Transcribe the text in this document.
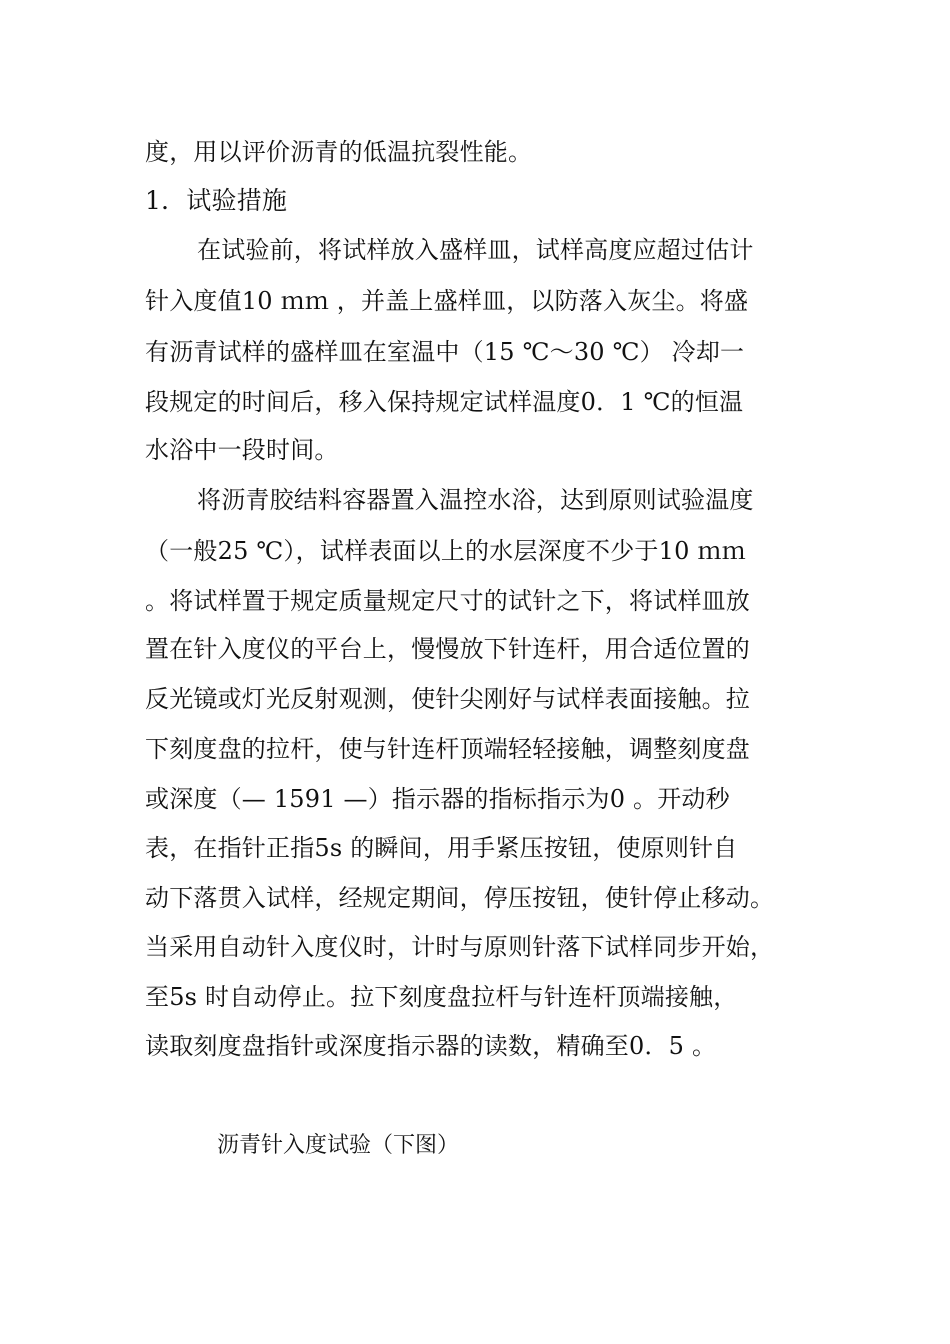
度，用以评价沥青的低温抗裂性能。
1．试验措施
在试验前，将试样放入盛样皿，试样高度应超过估计
针入度值10 ｍｍ ，并盖上盛样皿，以防落入灰尘。将盛
有沥青试样的盛样皿在室温中（15 ℃～30 ℃） 冷却一
段规定的时间后，移入保持规定试样温度0．1 ℃的恒温
水浴中一段时间。
将沥青胶结料容器置入温控水浴，达到原则试验温度
（一般25 ℃），试样表面以上的水层深度不少于10 ｍｍ
。将试样置于规定质量规定尺寸的试针之下，将试样皿放
置在针入度仪的平台上，慢慢放下针连杆，用合适位置的
反光镜或灯光反射观测，使针尖刚好与试样表面接触。拉
下刻度盘的拉杆，使与针连杆顶端轻轻接触，调整刻度盘
或深度（— 1591 —）指示器的指标指示为0 。开动秒
表，在指针正指5s 的瞬间，用手紧压按钮，使原则针自
动下落贯入试样，经规定期间，停压按钮，使针停止移动。
当采用自动针入度仪时，计时与原则针落下试样同步开始，
至5s 时自动停止。拉下刻度盘拉杆与针连杆顶端接触，
读取刻度盘指针或深度指示器的读数，精确至0．5 。
沥青针入度试验（下图）
